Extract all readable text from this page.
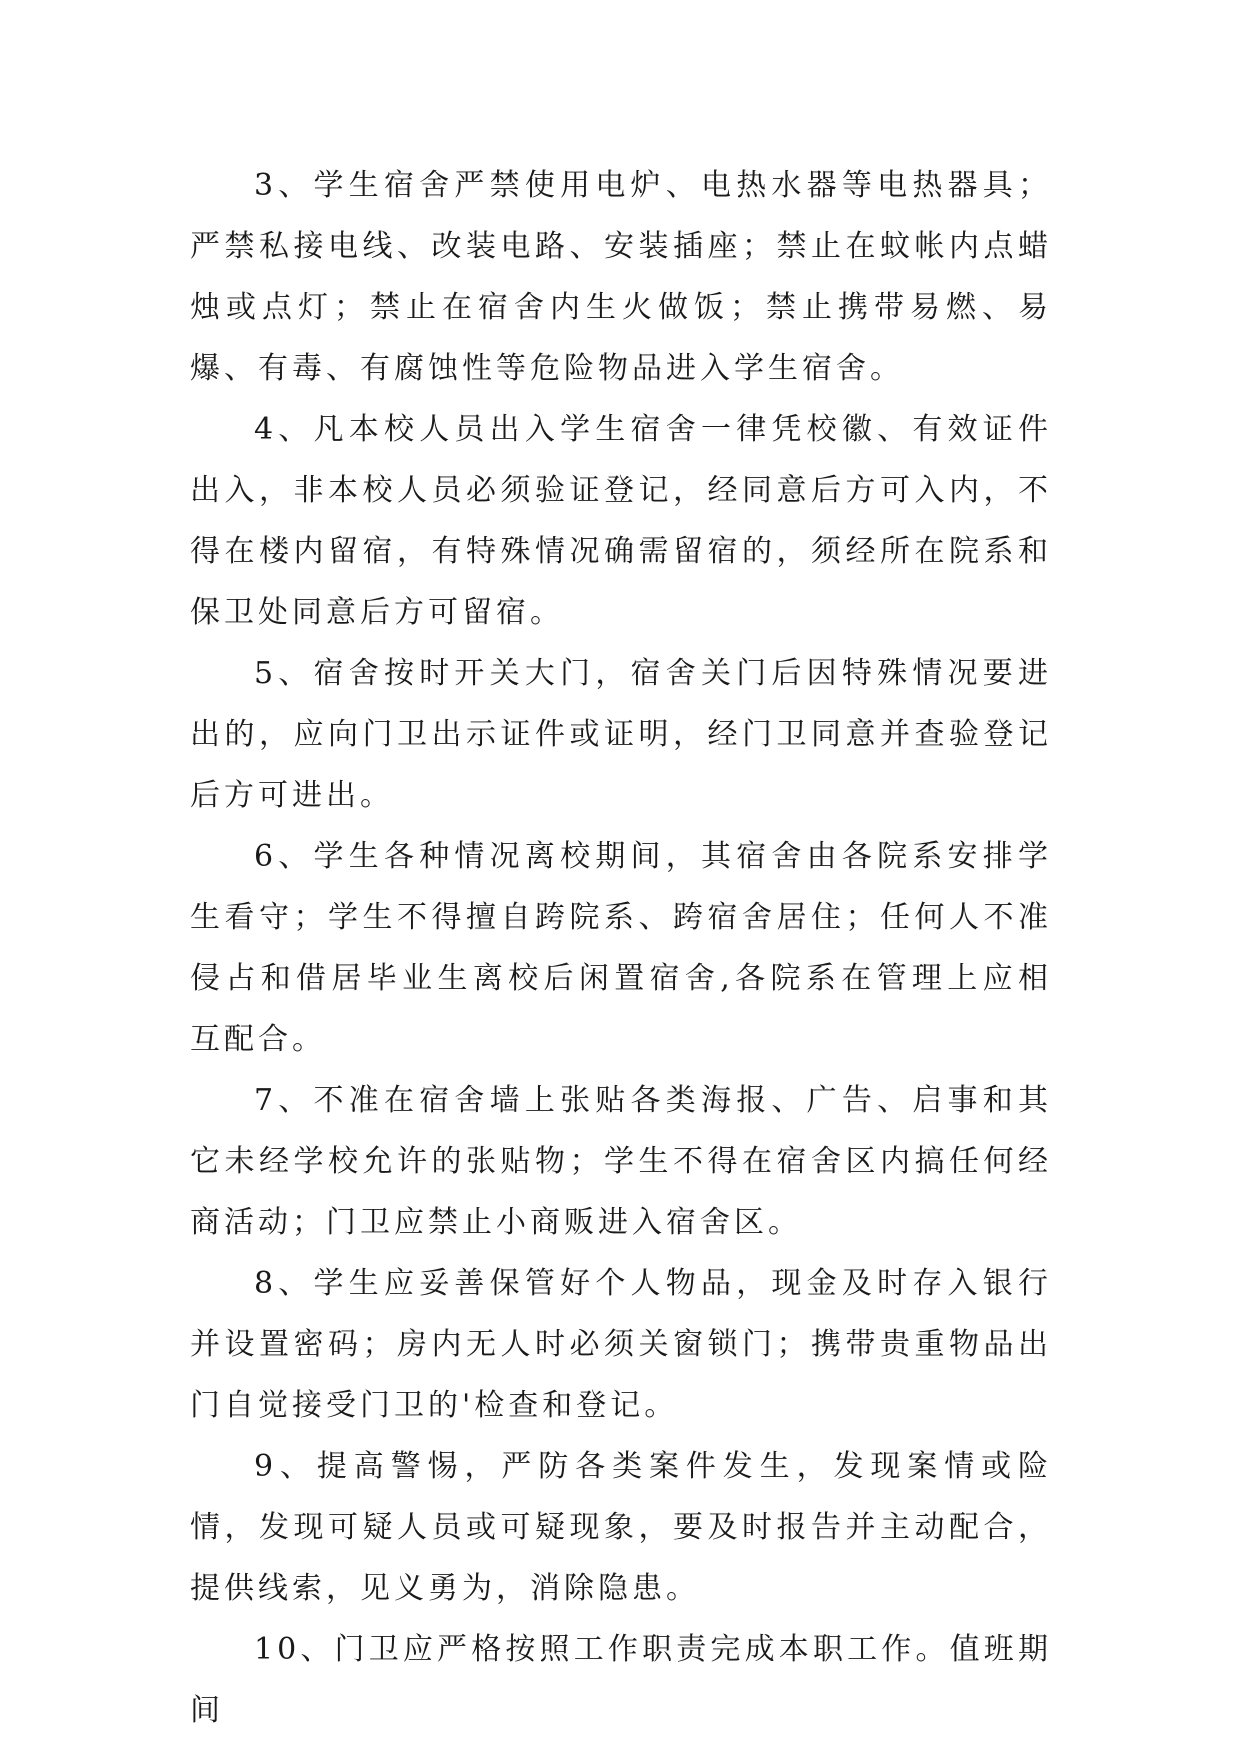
3、学生宿舍严禁使用电炉、电热水器等电热器具；严禁私接电线、改装电路、安装插座；禁止在蚊帐内点蜡烛或点灯；禁止在宿舍内生火做饭；禁止携带易燃、易爆、有毒、有腐蚀性等危险物品进入学生宿舍。

4、凡本校人员出入学生宿舍一律凭校徽、有效证件出入，非本校人员必须验证登记，经同意后方可入内，不得在楼内留宿，有特殊情况确需留宿的，须经所在院系和保卫处同意后方可留宿。

5、宿舍按时开关大门，宿舍关门后因特殊情况要进出的，应向门卫出示证件或证明，经门卫同意并查验登记后方可进出。

6、学生各种情况离校期间，其宿舍由各院系安排学生看守；学生不得擅自跨院系、跨宿舍居住；任何人不准侵占和借居毕业生离校后闲置宿舍,各院系在管理上应相互配合。

7、不准在宿舍墙上张贴各类海报、广告、启事和其它未经学校允许的张贴物；学生不得在宿舍区内搞任何经商活动；门卫应禁止小商贩进入宿舍区。

8、学生应妥善保管好个人物品，现金及时存入银行并设置密码；房内无人时必须关窗锁门；携带贵重物品出门自觉接受门卫的'检查和登记。

9、提高警惕，严防各类案件发生，发现案情或险情，发现可疑人员或可疑现象，要及时报告并主动配合，提供线索，见义勇为，消除隐患。

10、门卫应严格按照工作职责完成本职工作。值班期间
